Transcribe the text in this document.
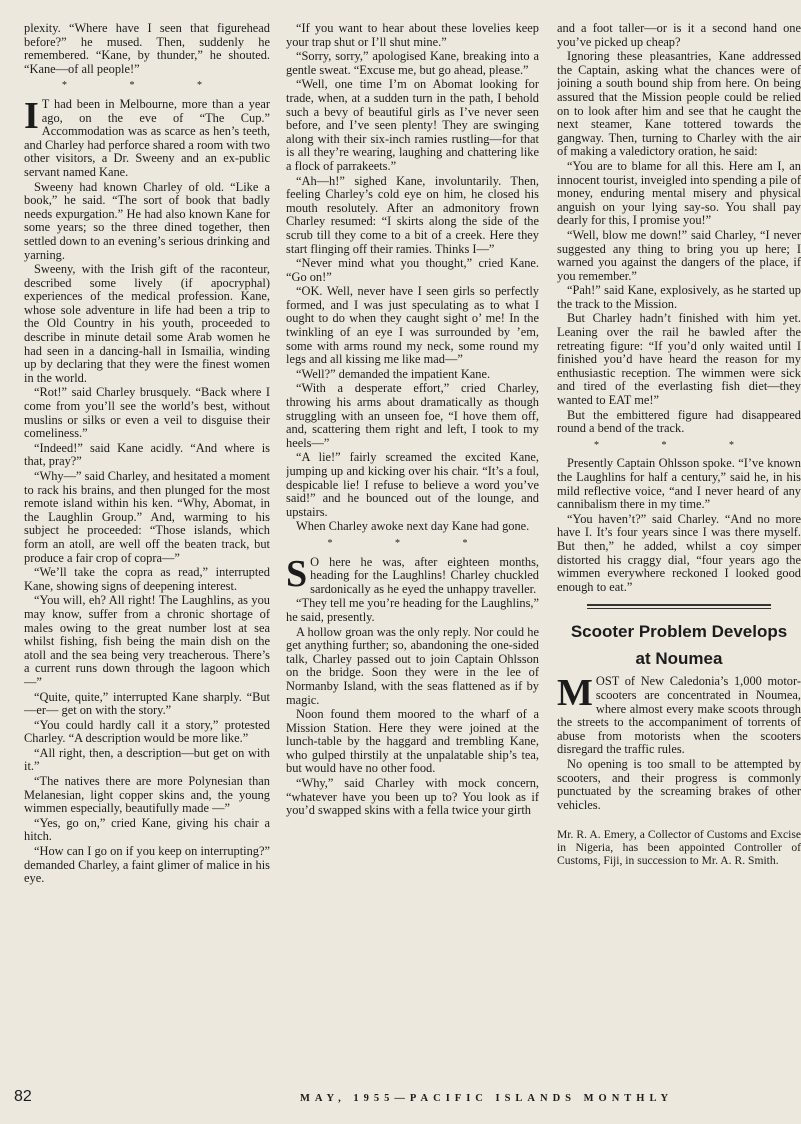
plexity. “Where have I seen that figurehead before?” he mused. Then, suddenly he remembered. “Kane, by thunder,” he shouted. “Kane—of all people!”

* * *

I T had been in Melbourne, more than a year ago, on the eve of “The Cup.” Accommodation was as scarce as hen’s teeth, and Charley had perforce shared a room with two other visitors, a Dr. Sweeny and an ex-public servant named Kane.

Sweeny had known Charley of old. “Like a book,” he said. “The sort of book that badly needs expurgation.” He had also known Kane for some years; so the three dined together, then settled down to an evening’s serious drinking and yarning.

Sweeny, with the Irish gift of the raconteur, described some lively (if apocryphal) experiences of the medical profession. Kane, whose sole adventure in life had been a trip to the Old Country in his youth, proceeded to describe in minute detail some Arab women he had seen in a dancing-hall in Ismailia, winding up by declaring that they were the finest women in the world.

“Rot!” said Charley brusquely. “Back where I come from you’ll see the world’s best, without muslins or silks or even a veil to disguise their comeliness.”

“Indeed!” said Kane acidly. “And where is that, pray?”

“Why—” said Charley, and hesitated a moment to rack his brains, and then plunged for the most remote island within his ken. “Why, Abomat, in the Laughlin Group.” And, warming to his subject he proceeded: “Those islands, which form an atoll, are well off the beaten track, but produce a fair crop of copra—”

“We’ll take the copra as read,” interrupted Kane, showing signs of deepening interest.

“You will, eh? All right! The Laughlins, as you may know, suffer from a chronic shortage of males owing to the great number lost at sea whilst fishing, fish being the main dish on the atoll and the sea being very treacherous. There’s a current runs down through the lagoon which—”

“Quite, quite,” interrupted Kane sharply. “But—er— get on with the story.”

“You could hardly call it a story,” protested Charley. “A description would be more like.”

“All right, then, a description—but get on with it.”

“The natives there are more Polynesian than Melanesian, light copper skins and, the young wimmen especially, beautifully made —”

“Yes, go on,” cried Kane, giving his chair a hitch.

“How can I go on if you keep on interrupting?” demanded Charley, a faint glimer of malice in his eye.

“If you want to hear about these lovelies keep your trap shut or I’ll shut mine.”

“Sorry, sorry,” apologised Kane, breaking into a gentle sweat. “Excuse me, but go ahead, please.”

“Well, one time I’m on Abomat looking for trade, when, at a sudden turn in the path, I behold such a bevy of beautiful girls as I’ve never seen before, and I’ve seen plenty! They are swinging along with their six-inch ramies rustling—for that is all they’re wearing, laughing and chattering like a flock of parrakeets.”

“Ah—h!” sighed Kane, involuntarily. Then, feeling Charley’s cold eye on him, he closed his mouth resolutely. After an admonitory frown Charley resumed: “I skirts along the side of the scrub till they come to a bit of a creek. Here they start flinging off their ramies. Thinks I—”

“Never mind what you thought,” cried Kane. “Go on!”

“OK. Well, never have I seen girls so perfectly formed, and I was just speculating as to what I ought to do when they caught sight o’ me! In the twinkling of an eye I was surrounded by ’em, some with arms round my neck, some round my legs and all kissing me like mad—”

“Well?” demanded the impatient Kane.

“With a desperate effort,” cried Charley, throwing his arms about dramatically as though struggling with an unseen foe, “I hove them off, and, scattering them right and left, I took to my heels—”

“A lie!” fairly screamed the excited Kane, jumping up and kicking over his chair. “It’s a foul, despicable lie! I refuse to believe a word you’ve said!” and he bounced out of the lounge, and upstairs.

When Charley awoke next day Kane had gone.

* * *

S O here he was, after eighteen months, heading for the Laughlins! Charley chuckled sardonically as he eyed the unhappy traveller.

“They tell me you’re heading for the Laughlins,” he said, presently.

A hollow groan was the only reply. Nor could he get anything further; so, abandoning the one-sided talk, Charley passed out to join Captain Ohlsson on the bridge. Soon they were in the lee of Normanby Island, with the seas flattened as if by magic.

Noon found them moored to the wharf of a Mission Station. Here they were joined at the lunch-table by the haggard and trembling Kane, who gulped thirstily at the unpalatable ship’s tea, but would have no other food.

“Why,” said Charley with mock concern, “whatever have you been up to? You look as if you’d swapped skins with a fella twice your girth

and a foot taller—or is it a second hand one you’ve picked up cheap?

Ignoring these pleasantries, Kane addressed the Captain, asking what the chances were of joining a south bound ship from here. On being assured that the Mission people could be relied on to look after him and see that he caught the next steamer, Kane tottered towards the gangway. Then, turning to Charley with the air of making a valedictory oration, he said:

“You are to blame for all this. Here am I, an innocent tourist, inveigled into spending a pile of money, enduring mental misery and physical anguish on your lying say-so. You shall pay dearly for this, I promise you!”

“Well, blow me down!” said Charley, “I never suggested any thing to bring you up here; I warned you against the dangers of the place, if you remember.”

“Pah!” said Kane, explosively, as he started up the track to the Mission.

But Charley hadn’t finished with him yet. Leaning over the rail he bawled after the retreating figure: “If you’d only waited until I finished you’d have heard the reason for my enthusiastic reception. The wimmen were sick and tired of the everlasting fish diet—they wanted to EAT me!”

But the embittered figure had disappeared round a bend of the track.

* * *

Presently Captain Ohlsson spoke. “I’ve known the Laughlins for half a century,” said he, in his mild reflective voice, “and I never heard of any cannibalism there in my time.”

“You haven’t?” said Charley. “And no more have I. It’s four years since I was there myself. But then,” he added, whilst a coy simper distorted his craggy dial, “four years ago the wimmen everywhere reckoned I looked good enough to eat.”

Scooter Problem Develops
at Noumea

MOST of New Caledonia’s 1,000 motor-scooters are concentrated in Noumea, where almost every make scoots through the streets to the accompaniment of torrents of abuse from motorists when the scooters disregard the traffic rules.

No opening is too small to be attempted by scooters, and their progress is commonly punctuated by the screaming brakes of other vehicles.

Mr. R. A. Emery, a Collector of Customs and Excise in Nigeria, has been appointed Controller of Customs, Fiji, in succession to Mr. A. R. Smith.

82	MAY, 1955—PACIFIC ISLANDS MONTHLY
